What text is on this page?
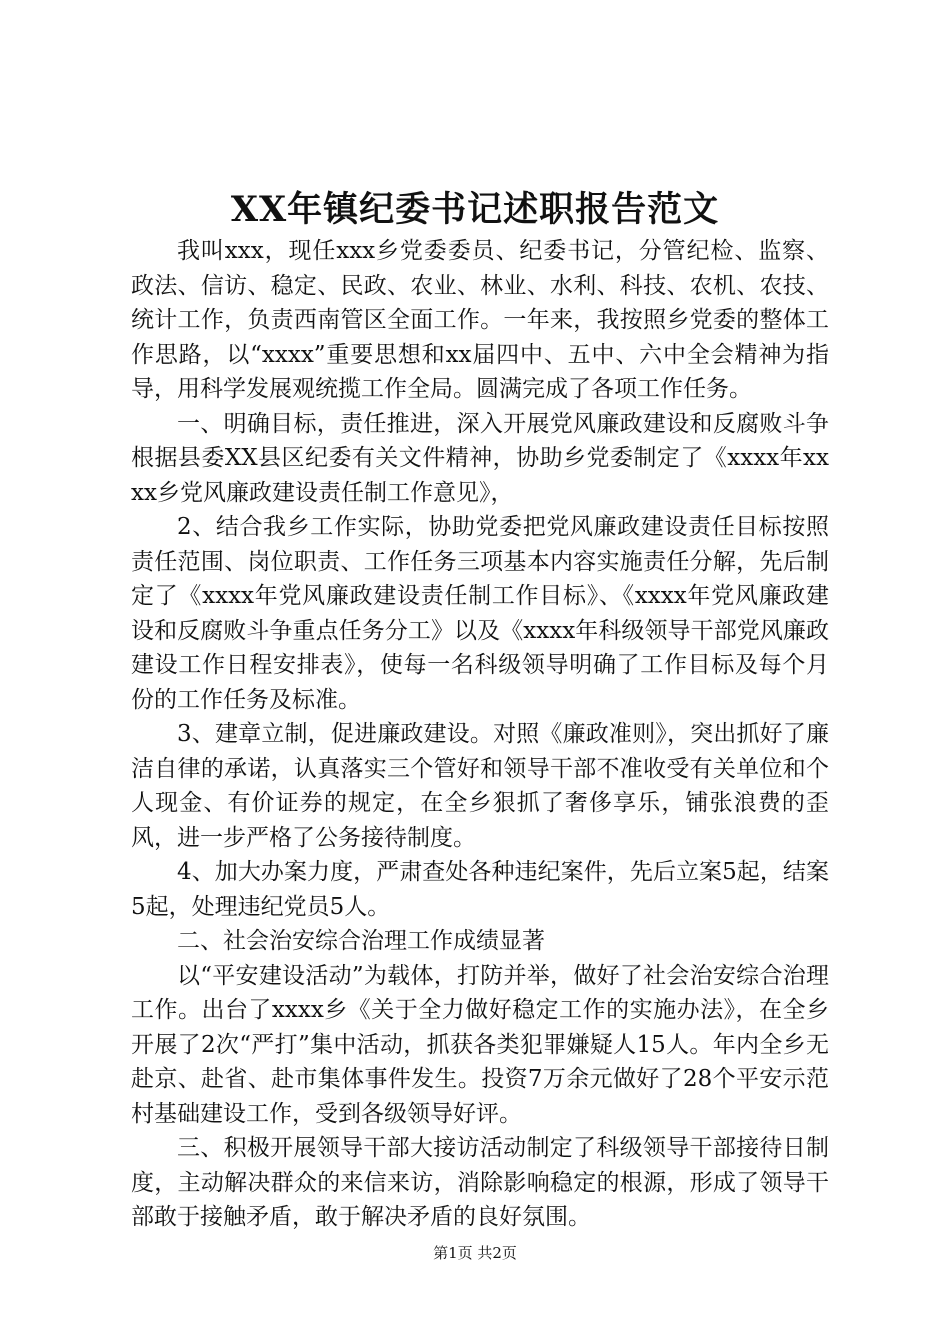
XX年镇纪委书记述职报告范文

我叫xxx，现任xxx乡党委委员、纪委书记，分管纪检、监察、政法、信访、稳定、民政、农业、林业、水利、科技、农机、农技、统计工作，负责西南管区全面工作。一年来，我按照乡党委的整体工作思路，以“xxxx”重要思想和xx届四中、五中、六中全会精神为指导，用科学发展观统揽工作全局。圆满完成了各项工作任务。

一、明确目标，责任推进，深入开展党风廉政建设和反腐败斗争根据县委XX县区纪委有关文件精神，协助乡党委制定了《xxxx年xxxx乡党风廉政建设责任制工作意见》，

2、结合我乡工作实际，协助党委把党风廉政建设责任目标按照责任范围、岗位职责、工作任务三项基本内容实施责任分解，先后制定了《xxxx年党风廉政建设责任制工作目标》、《xxxx年党风廉政建设和反腐败斗争重点任务分工》以及《xxxx年科级领导干部党风廉政建设工作日程安排表》，使每一名科级领导明确了工作目标及每个月份的工作任务及标准。

3、建章立制，促进廉政建设。对照《廉政准则》，突出抓好了廉洁自律的承诺，认真落实三个管好和领导干部不准收受有关单位和个人现金、有价证券的规定，在全乡狠抓了奢侈享乐，铺张浪费的歪风，进一步严格了公务接待制度。

4、加大办案力度，严肃查处各种违纪案件，先后立案5起，结案5起，处理违纪党员5人。

二、社会治安综合治理工作成绩显著

以“平安建设活动”为载体，打防并举，做好了社会治安综合治理工作。出台了xxxx乡《关于全力做好稳定工作的实施办法》，在全乡开展了2次“严打”集中活动，抓获各类犯罪嫌疑人15人。年内全乡无赴京、赴省、赴市集体事件发生。投资7万余元做好了28个平安示范村基础建设工作，受到各级领导好评。

三、积极开展领导干部大接访活动制定了科级领导干部接待日制度，主动解决群众的来信来访，消除影响稳定的根源，形成了领导干部敢于接触矛盾，敢于解决矛盾的良好氛围。

第1页 共2页
